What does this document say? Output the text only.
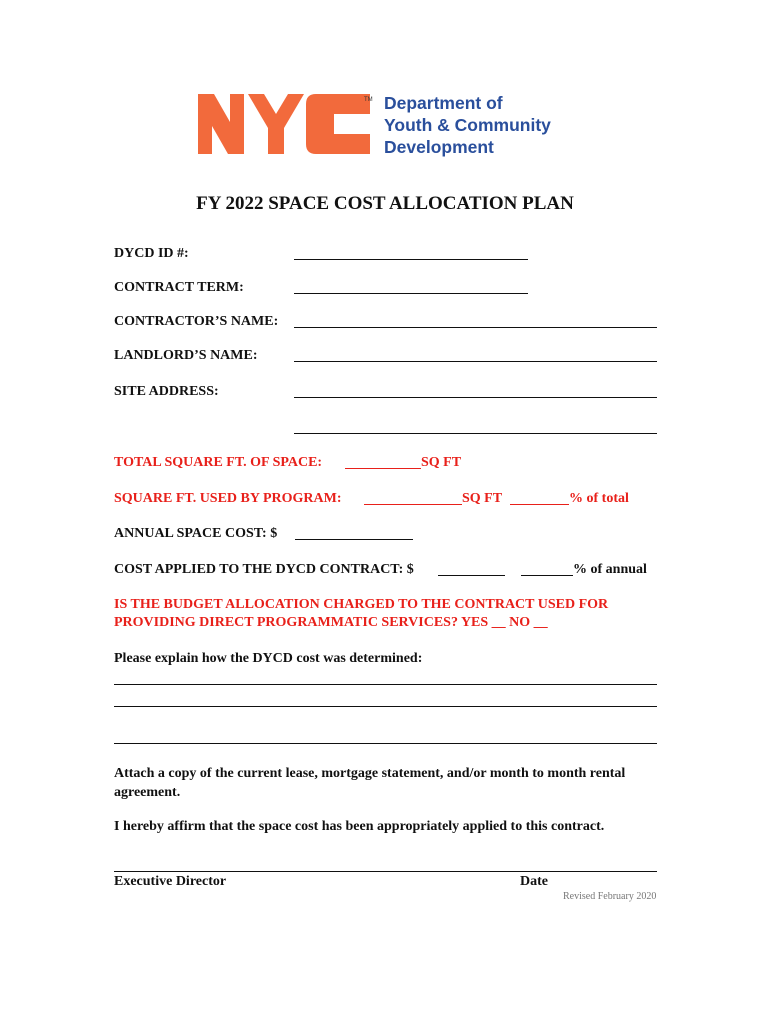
TM Department of
Youth & Community
Development
FY 2022 SPACE COST ALLOCATION PLAN
DYCD ID #:
CONTRACT TERM:
CONTRACTOR’S NAME:
LANDLORD’S NAME:
SITE ADDRESS:
TOTAL SQUARE FT. OF SPACE:	SQ FT
SQUARE FT. USED BY PROGRAM:	SQ FT	% of total
ANNUAL SPACE COST: $
COST APPLIED TO THE DYCD CONTRACT: $	% of annual
IS THE BUDGET ALLOCATION CHARGED TO THE CONTRACT USED FOR
PROVIDING DIRECT PROGRAMMATIC SERVICES? YES __ NO __
Please explain how the DYCD cost was determined:
Attach a copy of the current lease, mortgage statement, and/or month to month rental agreement.
I hereby affirm that the space cost has been appropriately applied to this contract.
Executive Director	Date
Revised February 2020
